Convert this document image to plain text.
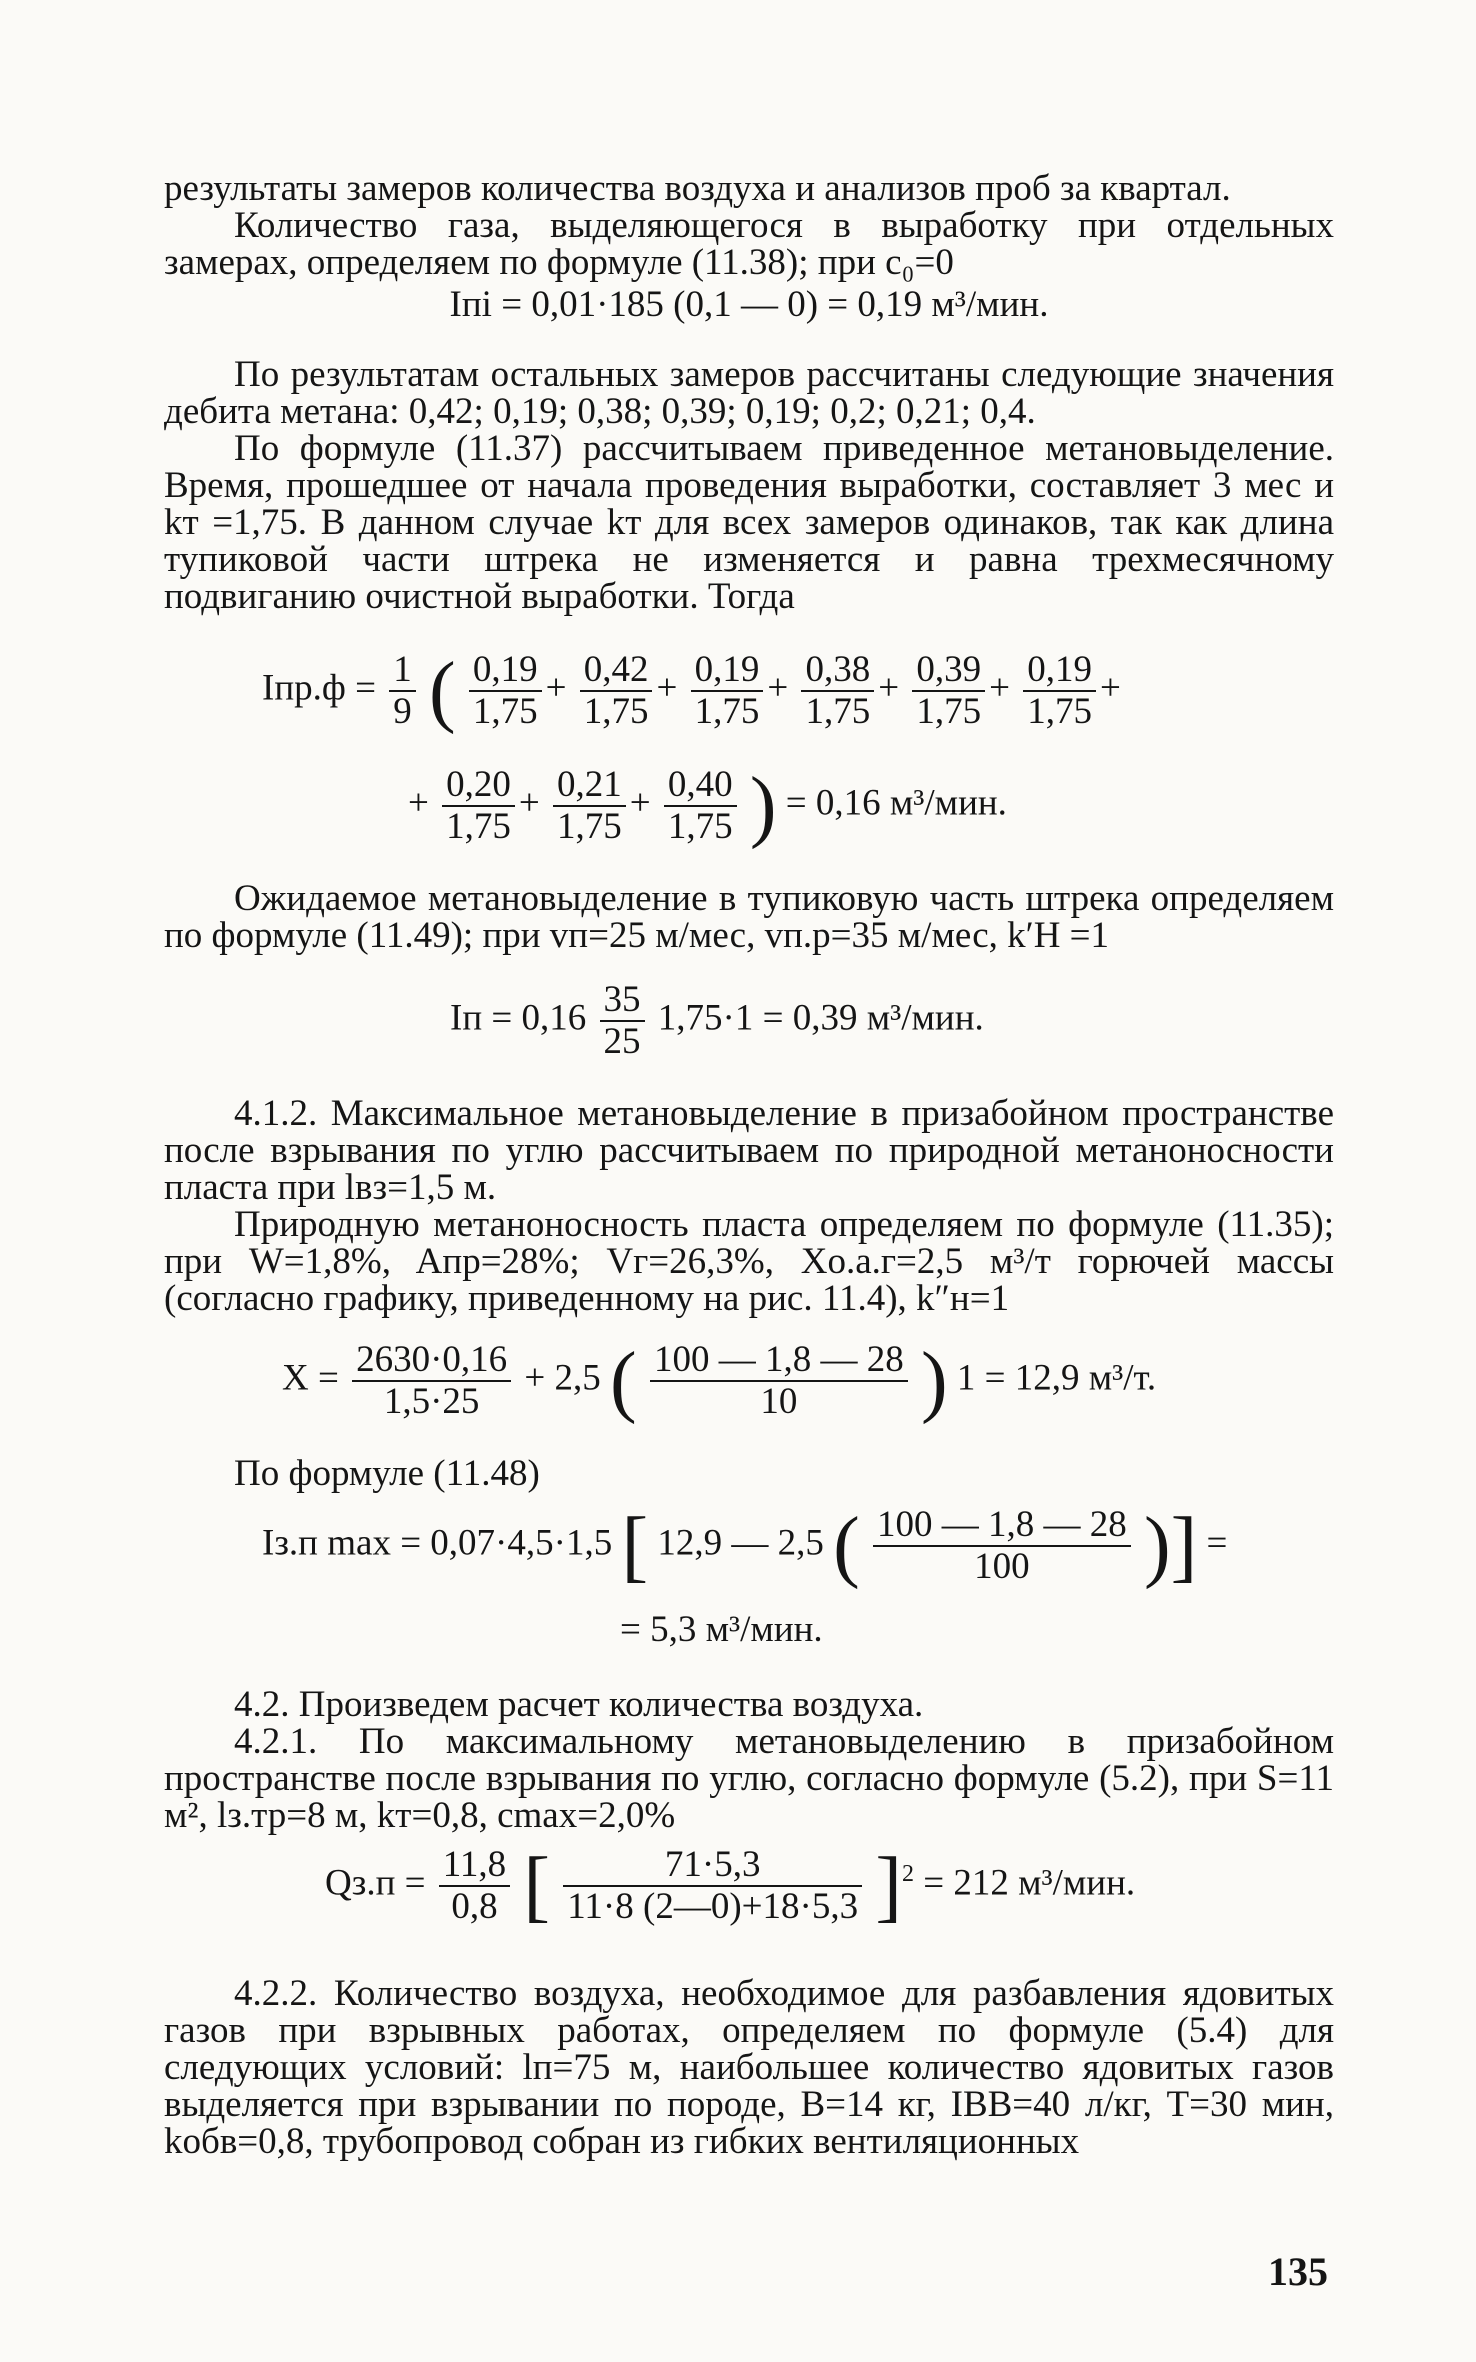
результаты замеров количества воздуха и анализов проб за квартал.

Количество газа, выделяющегося в выработку при отдельных замерах, определяем по формуле (11.38); при c₀=0

Iпi = 0,01·185 (0,1 — 0) = 0,19 м³/мин.

По результатам остальных замеров рассчитаны следующие значения дебита метана: 0,42; 0,19; 0,38; 0,39; 0,19; 0,2; 0,21; 0,4.

По формуле (11.37) рассчитываем приведенное метановыделение. Время, прошедшее от начала проведения выработки, составляет 3 мес и kт =1,75. В данном случае kт для всех замеров одинаков, так как длина тупиковой части штрека не изменяется и равна трехмесячному подвиганию очистной выработки. Тогда

$Iпр.ф = \frac{1}{9}$ ( $\frac{0,19}{1,75} + \frac{0,42}{1,75} + \frac{0,19}{1,75} + \frac{0,38}{1,75} + \frac{0,39}{1,75} + \frac{0,19}{1,75}$ +
+ $\frac{0,20}{1,75} + \frac{0,21}{1,75} + \frac{0,40}{1,75}$ ) = 0,16 м³/мин.

Ожидаемое метановыделение в тупиковую часть штрека определяем по формуле (11.49); при vп=25 м/мес, vп.р=35 м/мес, k′H =1

Iп = $0,16 \frac{35}{25} 1,75\cdot 1 = 0,39$ м³/мин.

4.1.2. Максимальное метановыделение в призабойном пространстве после взрывания по углю рассчитываем по природной метаноносности пласта при lвз=1,5 м.

Природную метаноносность пласта определяем по формуле (11.35); при W=1,8%, Aпр=28%; Vг=26,3%, Xо.а.г=2,5 м³/т горючей массы (согласно графику, приведенному на рис. 11.4), k″н=1

$X = \frac{2630\cdot 0,16}{1,5\cdot 25} + 2,5$ ( $\frac{100 — 1,8 — 28}{10}$ ) 1 = 12,9 м³/т.

По формуле (11.48)

Iз.п max = 0,07·4,5·1,5 [ 12,9 — 2,5 ( $\frac{100 — 1,8 — 28}{100}$ )] =
= 5,3 м³/мин.

4.2. Произведем расчет количества воздуха.

4.2.1. По максимальному метановыделению в призабойном пространстве после взрывания по углю, согласно формуле (5.2), при S=11 м², lз.тр=8 м, kт=0,8, cmax=2,0%

$Qз.п = \frac{11,8}{0,8}$ [ $\frac{71\cdot 5,3}{11\cdot 8 (2—0)+18\cdot 5,3} ]^2 = 212$ м³/мин.

4.2.2. Количество воздуха, необходимое для разбавления ядовитых газов при взрывных работах, определяем по формуле (5.4) для следующих условий: lп=75 м, наибольшее количество ядовитых газов выделяется при взрывании по породе, B=14 кг, IВВ=40 л/кг, T=30 мин, kобв=0,8, трубопровод собран из гибких вентиляционных

135
